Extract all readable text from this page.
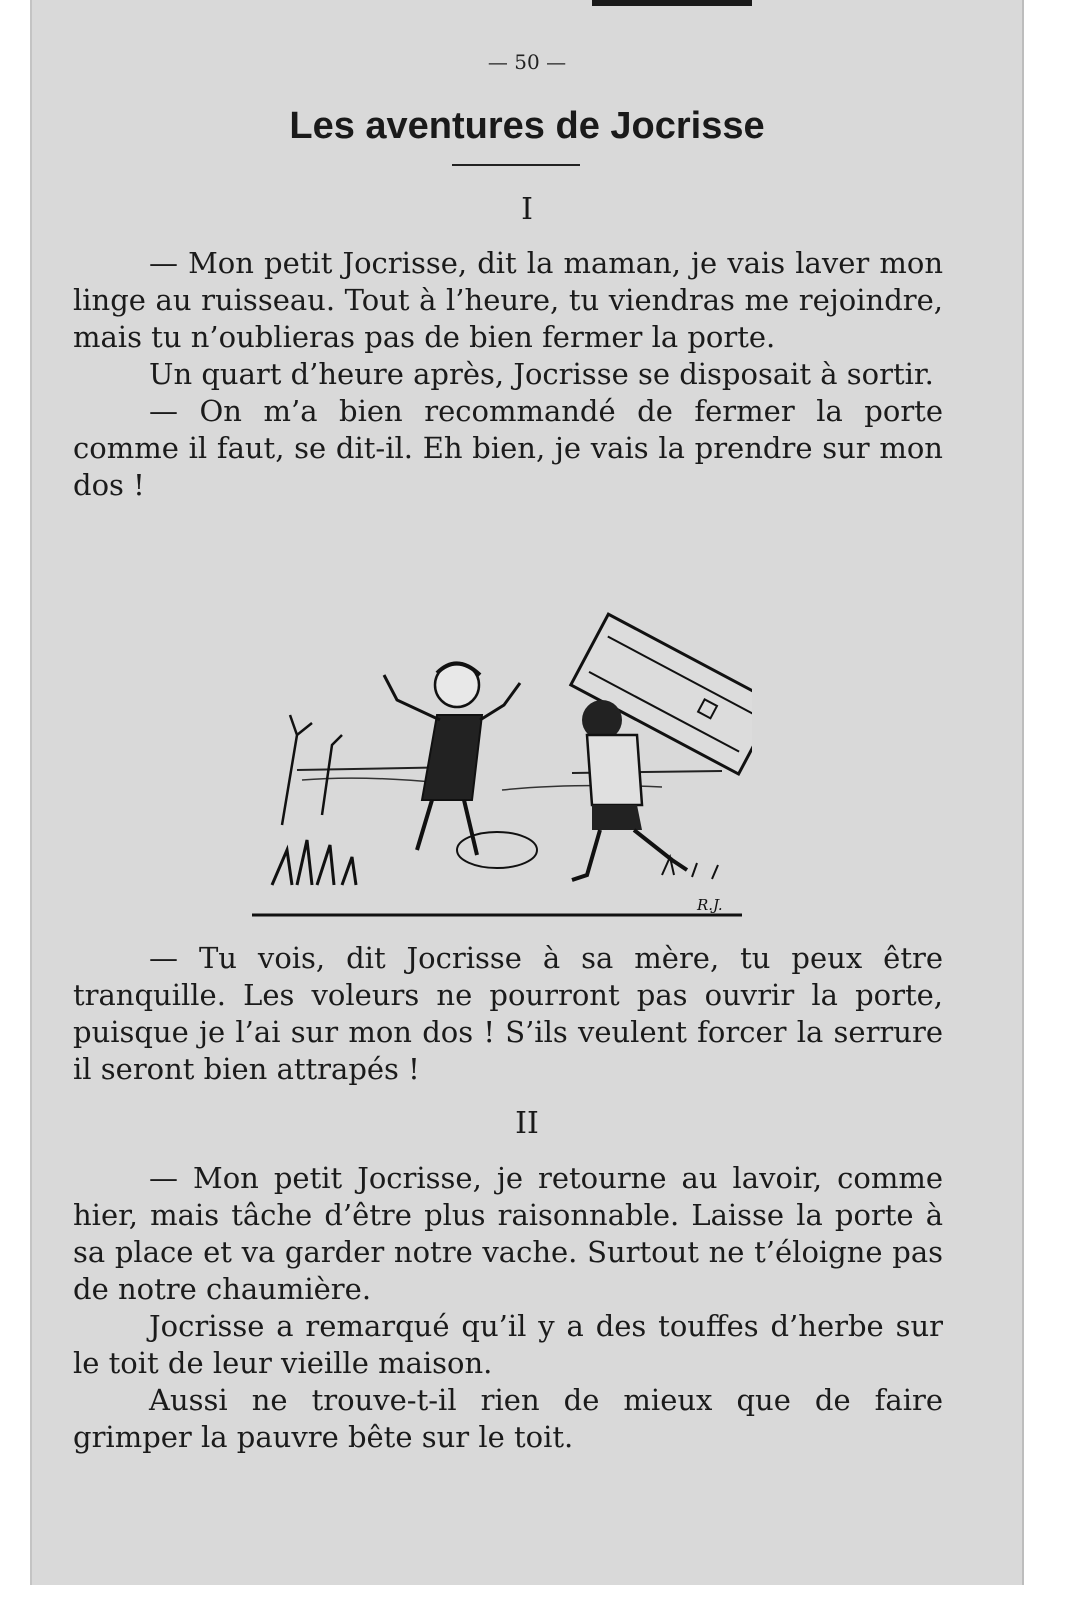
— 50 —
Les aventures de Jocrisse
I

— Mon petit Jocrisse, dit la maman, je vais laver mon linge au ruisseau. Tout à l’heure, tu viendras me rejoindre, mais tu n’oublieras pas de bien fermer la porte.

Un quart d’heure après, Jocrisse se disposait à sortir.

— On m’a bien recommandé de fermer la porte comme il faut, se dit-il. Eh bien, je vais la prendre sur mon dos !

R.J.

— Tu vois, dit Jocrisse à sa mère, tu peux être tranquille. Les voleurs ne pourront pas ouvrir la porte, puisque je l’ai sur mon dos ! S’ils veulent forcer la serrure il seront bien attrapés !

II

— Mon petit Jocrisse, je retourne au lavoir, comme hier, mais tâche d’être plus raisonnable. Laisse la porte à sa place et va garder notre vache. Surtout ne t’éloigne pas de notre chaumière.

Jocrisse a remarqué qu’il y a des touffes d’herbe sur le toit de leur vieille maison.

Aussi ne trouve-t-il rien de mieux que de faire grimper la pauvre bête sur le toit.
